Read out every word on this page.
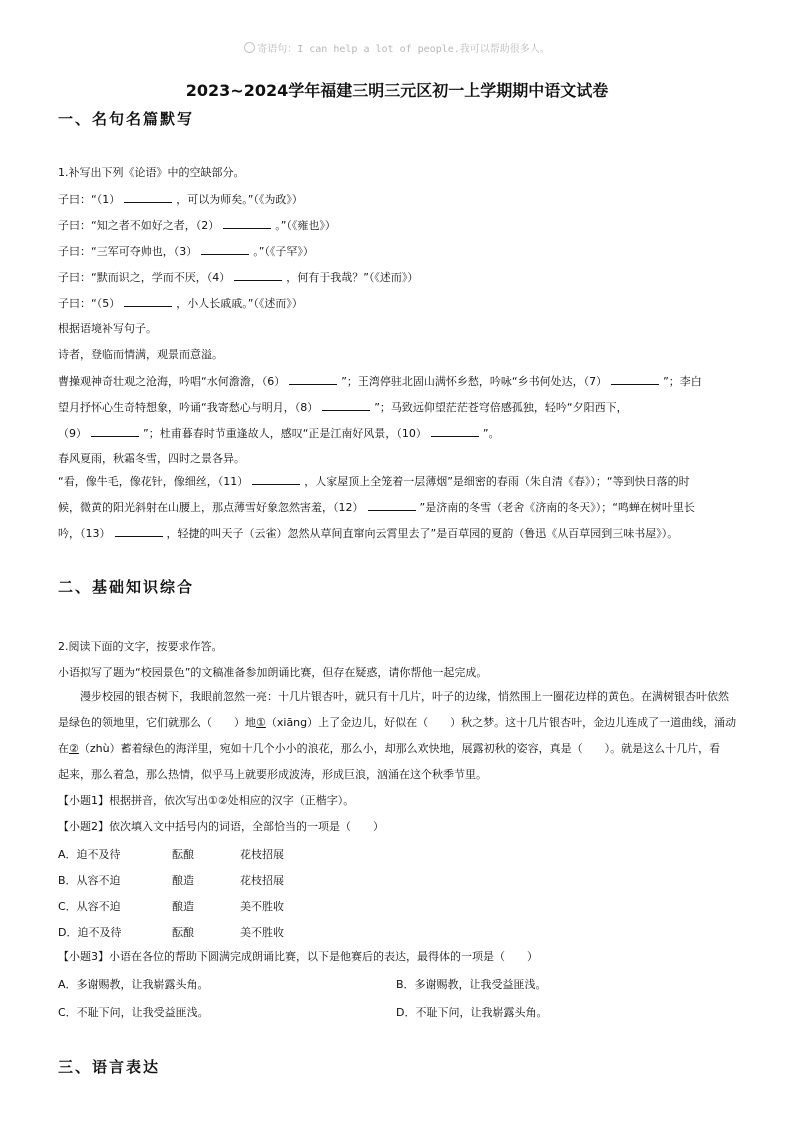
寄语句：I can help a lot of people.我可以帮助很多人。
2023~2024学年福建三明三元区初一上学期期中语文试卷
一、名句名篇默写
1.补写出下列《论语》中的空缺部分。
子曰：“（1）	，可以为师矣。”（《为政》）
子曰：“知之者不如好之者，（2）	。”（《雍也》）
子曰：“三军可夺帅也，（3）	。”（《子罕》）
子曰：“默而识之，学而不厌，（4）	，何有于我哉？”（《述而》）
子曰：“（5）	，小人长戚戚。”（《述而》）
根据语境补写句子。
诗者，登临而情满，观景而意溢。
曹操观神奇壮观之沧海，吟唱“水何澹澹，（6）	”；王湾停驻北固山满怀乡愁，吟咏“乡书何处达，（7）	”；李白
望月抒怀心生奇特想象，吟诵“我寄愁心与明月，（8）	”；马致远仰望茫茫苍穹倍感孤独，轻吟“夕阳西下，
（9）	”；杜甫暮春时节重逢故人，感叹“正是江南好风景，（10）	”。
春风夏雨，秋霜冬雪，四时之景各异。
“看，像牛毛，像花针，像细丝，（11）	，人家屋顶上全笼着一层薄烟”是细密的春雨（朱自清《春》）；“等到快日落的时
候，微黄的阳光斜射在山腰上，那点薄雪好象忽然害羞，（12）	”是济南的冬雪（老舍《济南的冬天》）；“鸣蝉在树叶里长
吟，（13）	，轻捷的叫天子（云雀）忽然从草间直窜向云霄里去了”是百草园的夏韵（鲁迅《从百草园到三味书屋》）。
二、基础知识综合
2.阅读下面的文字，按要求作答。
小语拟写了题为“校园景色”的文稿准备参加朗诵比赛，但存在疑惑，请你帮他一起完成。
漫步校园的银杏树下，我眼前忽然一亮：十几片银杏叶，就只有十几片，叶子的边缘，悄然围上一圈花边样的黄色。在满树银杏叶依然
是绿色的领地里，它们就那么（　　）地①（xiāng）上了金边儿，好似在（　　）秋之梦。这十几片银杏叶，金边儿连成了一道曲线，涌动
在②（zhù）蓄着绿色的海洋里，宛如十几个小小的浪花，那么小，却那么欢快地，展露初秋的姿容，真是（　　）。就是这么十几片，看
起来，那么着急，那么热情，似乎马上就要形成波涛，形成巨浪，汹涌在这个秋季节里。
【小题1】根据拼音，依次写出①②处相应的汉字（正楷字）。
【小题2】依次填入文中括号内的词语，全部恰当的一项是（　　）
A．迫不及待	酝酿	花枝招展
B．从容不迫	酿造	花枝招展
C．从容不迫	酿造	美不胜收
D．迫不及待	酝酿	美不胜收
【小题3】小语在各位的帮助下圆满完成朗诵比赛，以下是他赛后的表达，最得体的一项是（　　）
A．多谢赐教，让我崭露头角。	B．多谢赐教，让我受益匪浅。
C．不耻下问，让我受益匪浅。	D．不耻下问，让我崭露头角。
三、语言表达
